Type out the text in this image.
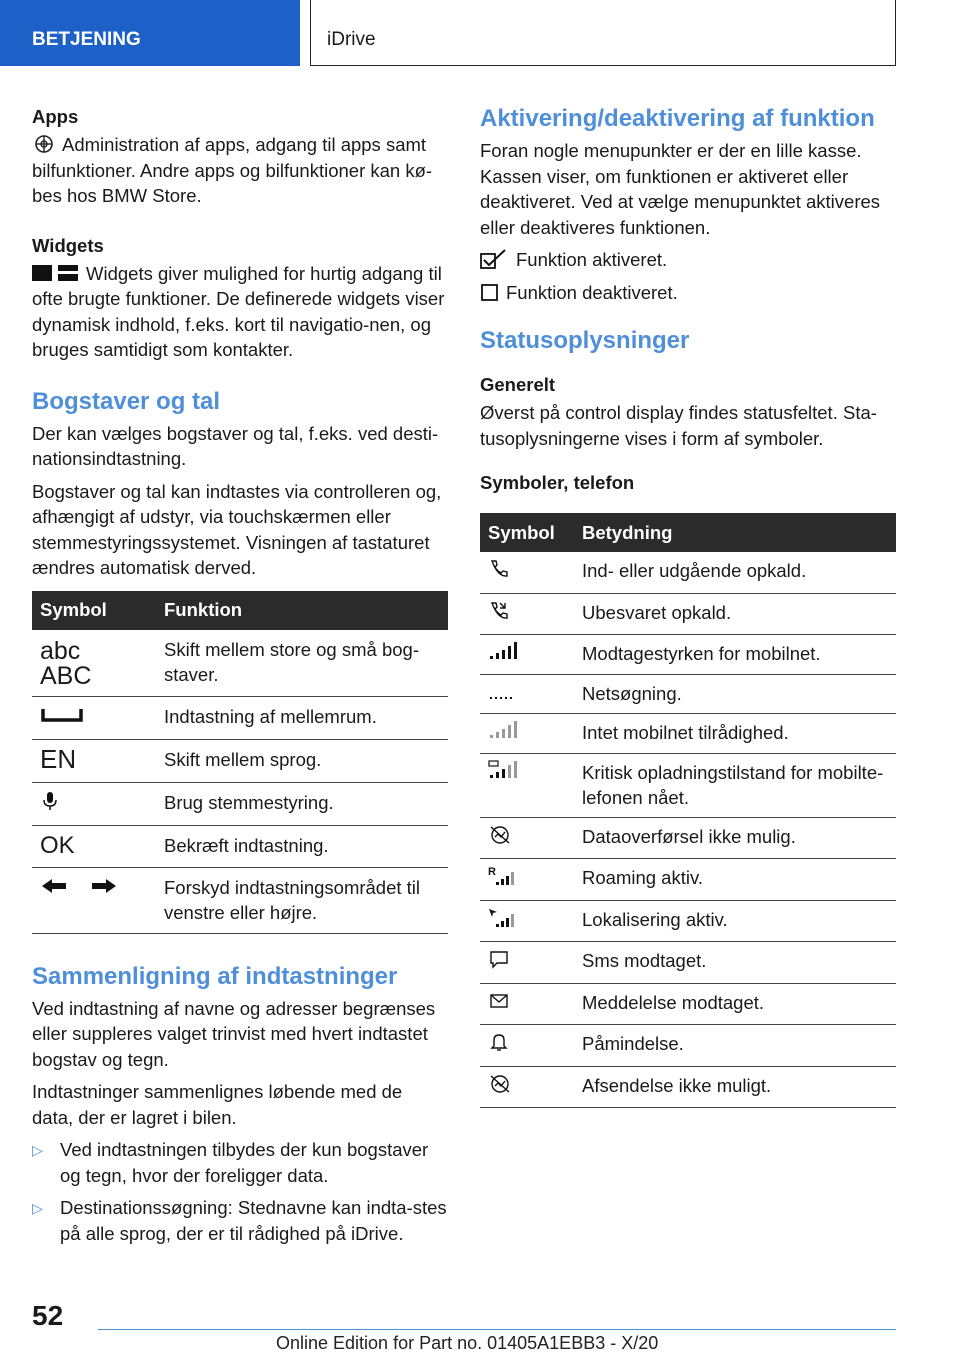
BETJENING	iDrive
Apps

Administration af apps, adgang til apps samt bilfunktioner. Andre apps og bilfunktioner kan kø-bes hos BMW Store.

Widgets

Widgets giver mulighed for hurtig adgang til ofte brugte funktioner. De definerede widgets viser dynamisk indhold, f.eks. kort til navigatio-nen, og bruges samtidigt som kontakter.

Bogstaver og tal

Der kan vælges bogstaver og tal, f.eks. ved desti-nationsindtastning.

Bogstaver og tal kan indtastes via controlleren og, afhængigt af udstyr, via touchskærmen eller stemmestyringssystemet. Visningen af tastaturet ændres automatisk derved.

Symbol	Funktion

abc
ABC	Skift mellem store og små bog-staver.
	Indtastning af mellemrum.
EN	Skift mellem sprog.
	Brug stemmestyring.
OK	Bekræft indtastning.
	Forskyd indtastningsområdet til venstre eller højre.
Sammenligning af indtastninger

Ved indtastning af navne og adresser begrænses eller suppleres valget trinvist med hvert indtastet bogstav og tegn.

Indtastninger sammenlignes løbende med de data, der er lagret i bilen.

▷ Ved indtastningen tilbydes der kun bogstaver og tegn, hvor der foreligger data.
▷ Destinationssøgning: Stednavne kan indta-stes på alle sprog, der er til rådighed på iDrive.
Aktivering/deaktivering af funktion

Foran nogle menupunkter er der en lille kasse. Kassen viser, om funktionen er aktiveret eller deaktiveret. Ved at vælge menupunktet aktiveres eller deaktiveres funktionen.

Funktion aktiveret.

Funktion deaktiveret.

Statusoplysninger
Generelt

Øverst på control display findes statusfeltet. Sta-tusoplysningerne vises i form af symboler.

Symboler, telefon
Symbol	Betydning
	Ind- eller udgående opkald.
	Ubesvaret opkald.
	Modtagestyrken for mobilnet.
	Netsøgning.
	Intet mobilnet tilrådighed.
	Kritisk opladningstilstand for mobilte-lefonen nået.
	Dataoverførsel ikke mulig.

R	Roaming aktiv.
	Lokalisering aktiv.
	Sms modtaget.
	Meddelelse modtaget.
	Påmindelse.
	Afsendelse ikke muligt.
52
Online Edition for Part no. 01405A1EBB3 - X/20
